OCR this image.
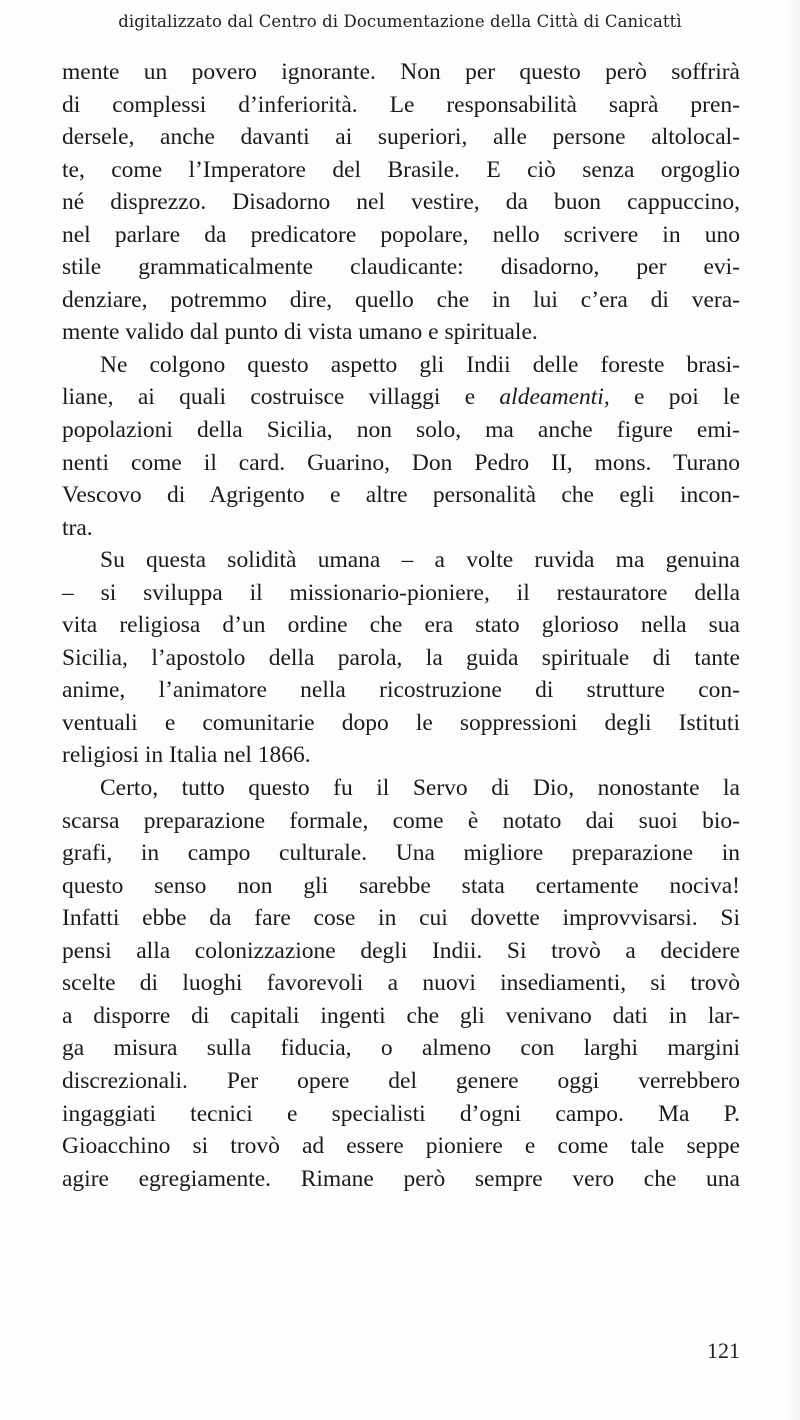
digitalizzato dal Centro di Documentazione della Città di Canicattì
mente un povero ignorante. Non per questo però soffrirà
di complessi d’inferiorità. Le responsabilità saprà pren-
dersele, anche davanti ai superiori, alle persone altolocal-
te, come l’Imperatore del Brasile. E ciò senza orgoglio
né disprezzo. Disadorno nel vestire, da buon cappuccino,
nel parlare da predicatore popolare, nello scrivere in uno
stile grammaticalmente claudicante: disadorno, per evi-
denziare, potremmo dire, quello che in lui c’era di vera-
mente valido dal punto di vista umano e spirituale.
Ne colgono questo aspetto gli Indii delle foreste brasi-
liane, ai quali costruisce villaggi e aldeamenti, e poi le
popolazioni della Sicilia, non solo, ma anche figure emi-
nenti come il card. Guarino, Don Pedro II, mons. Turano
Vescovo di Agrigento e altre personalità che egli incon-
tra.
Su questa solidità umana – a volte ruvida ma genuina
– si sviluppa il missionario-pioniere, il restauratore della
vita religiosa d’un ordine che era stato glorioso nella sua
Sicilia, l’apostolo della parola, la guida spirituale di tante
anime, l’animatore nella ricostruzione di strutture con-
ventuali e comunitarie dopo le soppressioni degli Istituti
religiosi in Italia nel 1866.
Certo, tutto questo fu il Servo di Dio, nonostante la
scarsa preparazione formale, come è notato dai suoi bio-
grafi, in campo culturale. Una migliore preparazione in
questo senso non gli sarebbe stata certamente nociva!
Infatti ebbe da fare cose in cui dovette improvvisarsi. Si
pensi alla colonizzazione degli Indii. Si trovò a decidere
scelte di luoghi favorevoli a nuovi insediamenti, si trovò
a disporre di capitali ingenti che gli venivano dati in lar-
ga misura sulla fiducia, o almeno con larghi margini
discrezionali. Per opere del genere oggi verrebbero
ingaggiati tecnici e specialisti d’ogni campo. Ma P.
Gioacchino si trovò ad essere pioniere e come tale seppe
agire egregiamente. Rimane però sempre vero che una
121
